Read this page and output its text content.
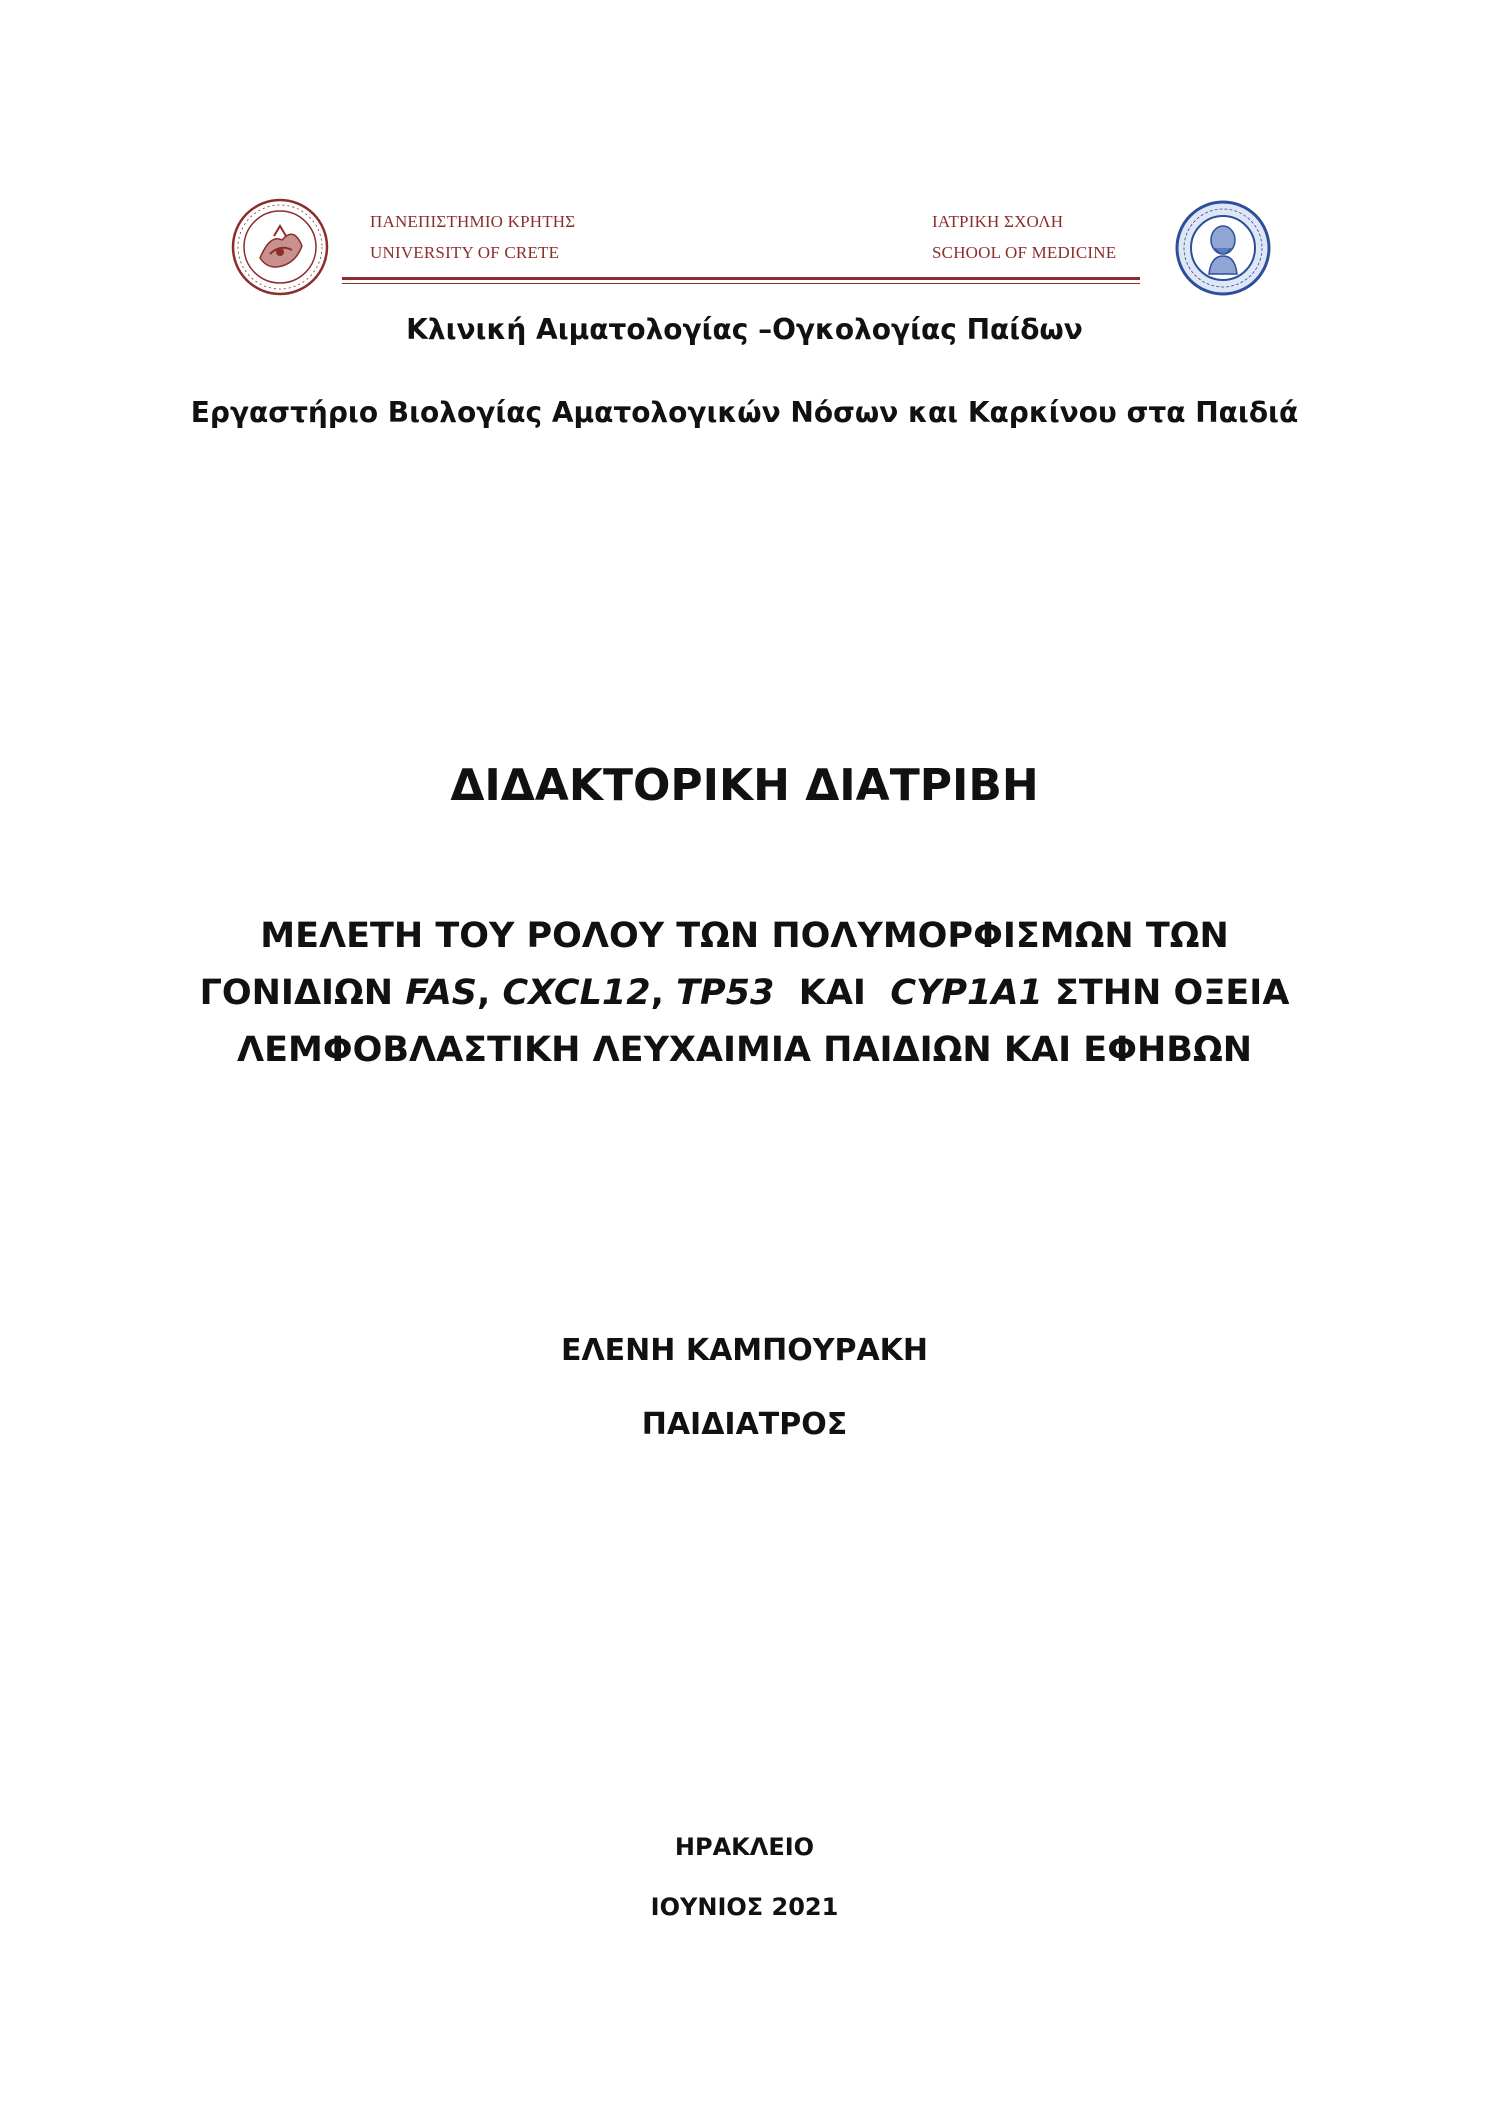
ΠΑΝΕΠΙΣΤΗΜΙΟ ΚΡΗΤΗΣ
UNIVERSITY OF CRETE
ΙΑΤΡΙΚΗ ΣΧΟΛΗ
SCHOOL OF MEDICINE
Κλινική Αιματολογίας –Ογκολογίας Παίδων
Εργαστήριο Βιολογίας Αματολογικών Νόσων και Καρκίνου στα Παιδιά
ΔΙΔΑΚΤΟΡΙΚΗ ΔΙΑΤΡΙΒΗ
ΜΕΛΕΤΗ ΤΟΥ ΡΟΛΟΥ ΤΩΝ ΠΟΛΥΜΟΡΦΙΣΜΩΝ ΤΩΝ
ΓΟΝΙΔΙΩΝ FAS, CXCL12, TP53  ΚΑΙ  CYP1A1 ΣΤΗΝ ΟΞΕΙΑ
ΛΕΜΦΟΒΛΑΣΤΙΚΗ ΛΕΥΧΑΙΜΙΑ ΠΑΙΔΙΩΝ ΚΑΙ ΕΦΗΒΩΝ
ΕΛΕΝΗ ΚΑΜΠΟΥΡΑΚΗ
ΠΑΙΔΙΑΤΡΟΣ
ΗΡΑΚΛΕΙΟ
ΙΟΥΝΙΟΣ 2021
